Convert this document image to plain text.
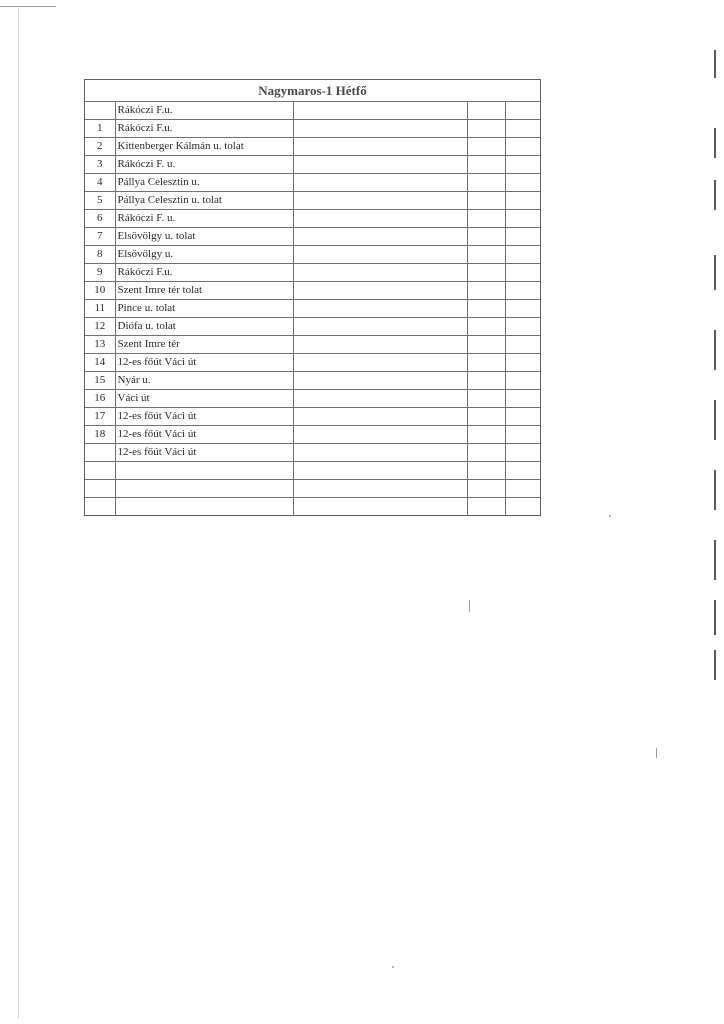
Nagymaros-1 Hétfő				
	Rákóczi F.u.			
1	Rákóczi F.u.			
2	Kittenberger Kálmán u. tolat			
3	Rákóczi F. u.			
4	Pállya Celesztin u.			
5	Pállya Celesztin u. tolat			
6	Rákóczi F. u.			
7	Elsövölgy u. tolat			
8	Elsövölgy u.			
9	Rákóczi F.u.			
10	Szent Imre tér tolat			
11	Pince u. tolat			
12	Diófa u. tolat			
13	Szent Imre tér			
14	12-es főút Váci út			
15	Nyár u.			
16	Váci út			
17	12-es főút Váci út			
18	12-es főút Váci út			
	12-es főút Váci út			
